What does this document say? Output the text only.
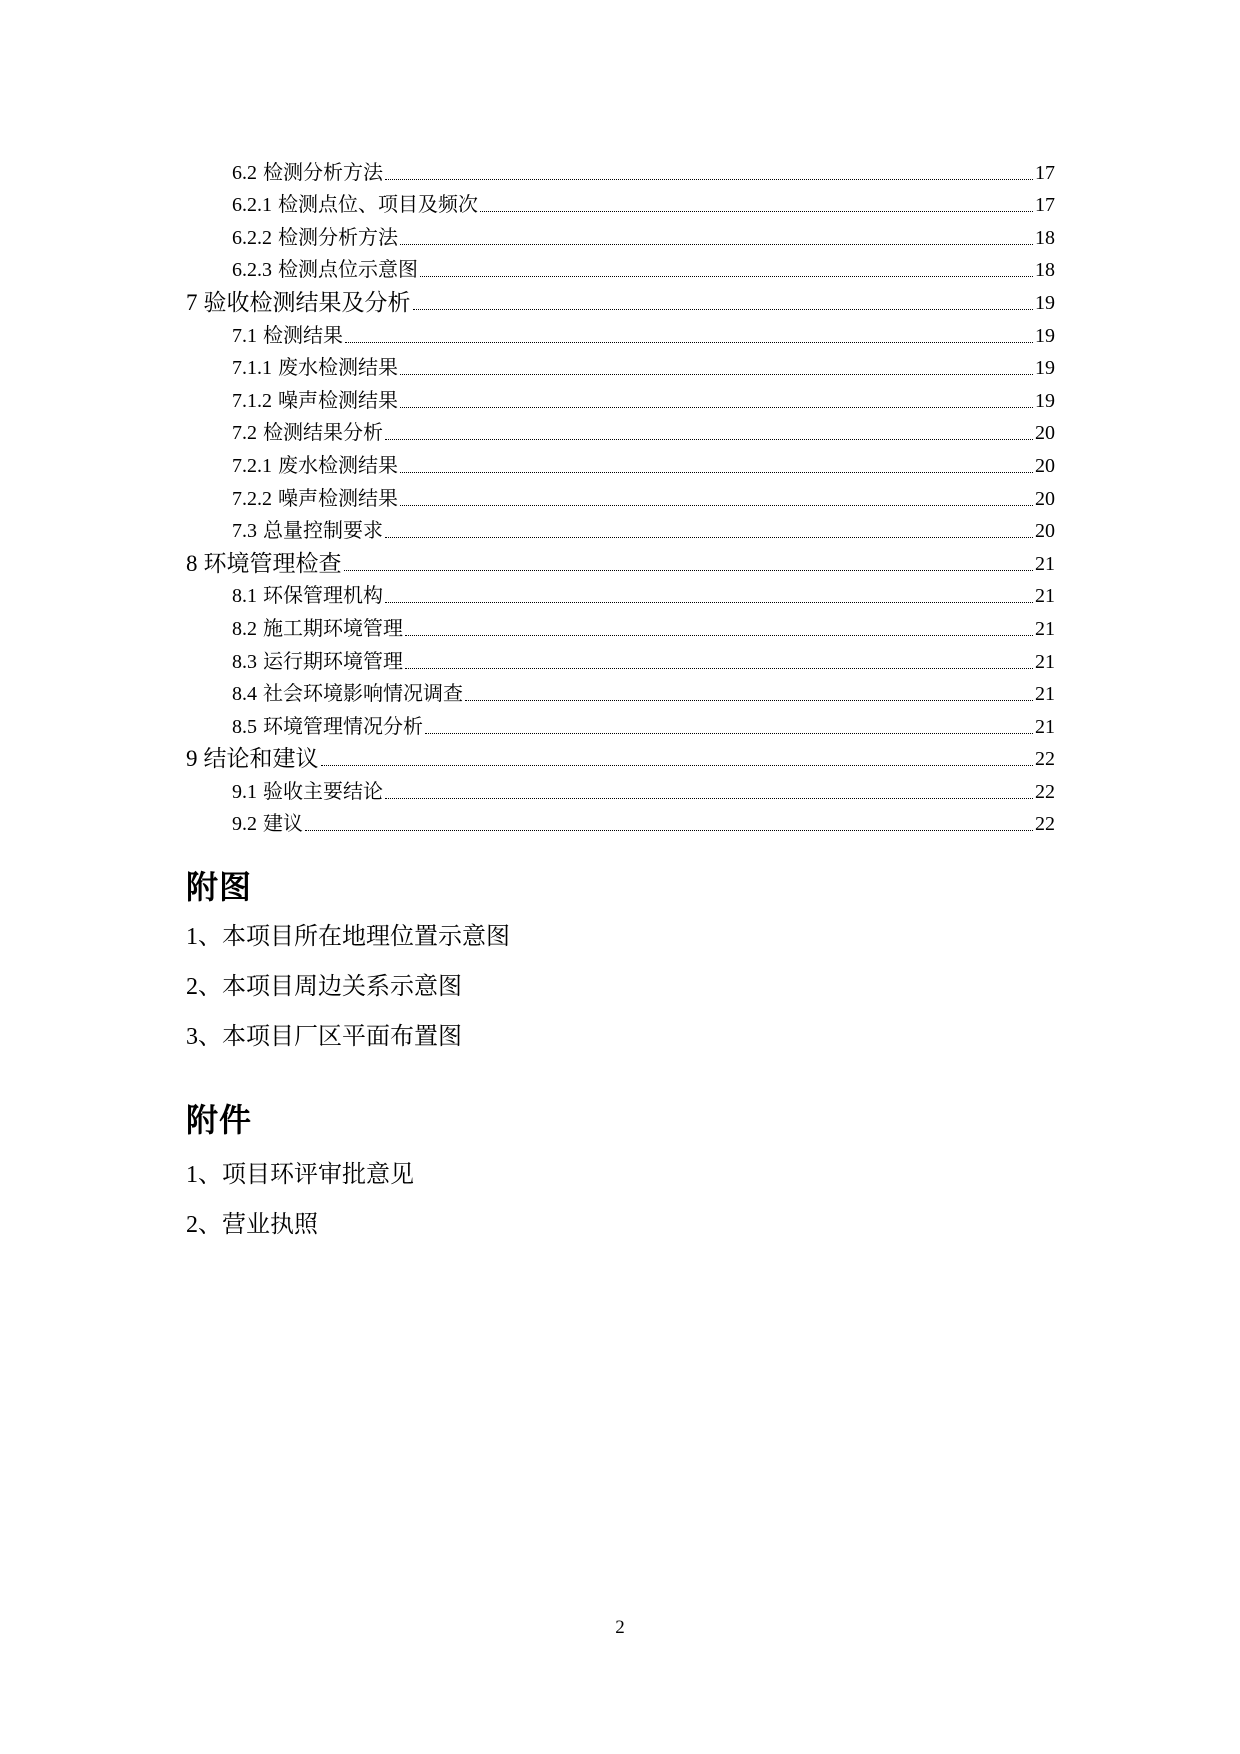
6.2 检测分析方法	17
6.2.1 检测点位、项目及频次	17
6.2.2 检测分析方法	18
6.2.3 检测点位示意图	18
7 验收检测结果及分析	19
7.1 检测结果	19
7.1.1 废水检测结果	19
7.1.2 噪声检测结果	19
7.2 检测结果分析	20
7.2.1 废水检测结果	20
7.2.2 噪声检测结果	20
7.3 总量控制要求	20
8 环境管理检查	21
8.1 环保管理机构	21
8.2 施工期环境管理	21
8.3 运行期环境管理	21
8.4 社会环境影响情况调查	21
8.5 环境管理情况分析	21
9 结论和建议	22
9.1 验收主要结论	22
9.2 建议	22
附图
1、本项目所在地理位置示意图
2、本项目周边关系示意图
3、本项目厂区平面布置图
附件
1、项目环评审批意见
2、营业执照
2
